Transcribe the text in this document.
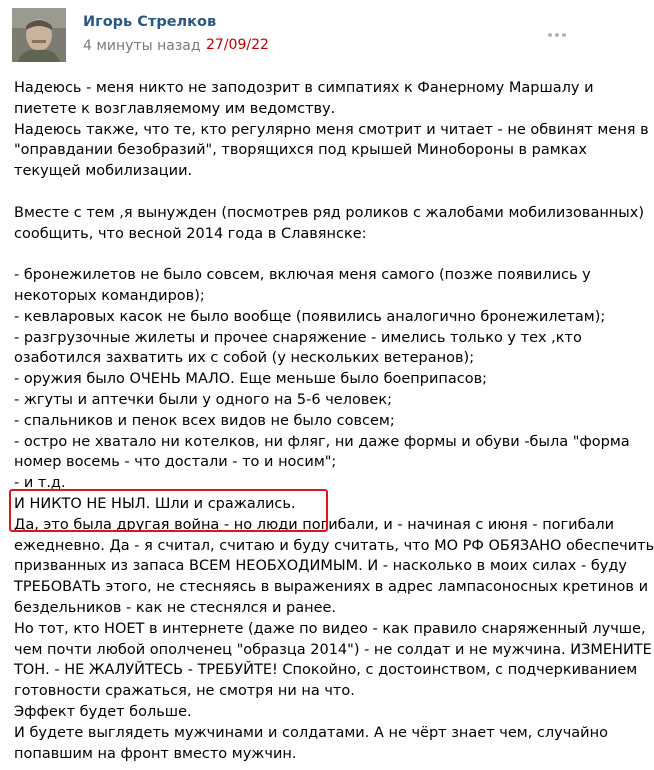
Игорь Стрелков
4 минуты назад 27/09/22
Надеюсь - меня никто не заподозрит в симпатиях к Фанерному Маршалу и
пиетете к возглавляемому им ведомству.
Надеюсь также, что те, кто регулярно меня смотрит и читает - не обвинят меня в
"оправдании безобразий", творящихся под крышей Минобороны в рамках
текущей мобилизации.
Вместе с тем ,я вынужден (посмотрев ряд роликов с жалобами мобилизованных)
сообщить, что весной 2014 года в Славянске:
- бронежилетов не было совсем, включая меня самого (позже появились у
некоторых командиров);
- кевларовых касок не было вообще (появились аналогично бронежилетам);
- разгрузочные жилеты и прочее снаряжение - имелись только у тех ,кто
озаботился захватить их с собой (у нескольких ветеранов);
- оружия было ОЧЕНЬ МАЛО. Еще меньше было боеприпасов;
- жгуты и аптечки были у одного на 5-6 человек;
- спальников и пенок всех видов не было совсем;
- остро не хватало ни котелков, ни фляг, ни даже формы и обуви -была "форма
номер восемь - что достали - то и носим";
- и т.д.
И НИКТО НЕ НЫЛ. Шли и сражались.
Да, это была другая война - но люди погибали, и - начиная с июня - погибали
ежедневно. Да - я считал, считаю и буду считать, что МО РФ ОБЯЗАНО обеспечить
призванных из запаса ВСЕМ НЕОБХОДИМЫМ. И - насколько в моих силах - буду
ТРЕБОВАТЬ этого, не стесняясь в выражениях в адрес лампасоносных кретинов и
бездельников - как не стеснялся и ранее.
Но тот, кто НОЕТ в интернете (даже по видео - как правило снаряженный лучше,
чем почти любой ополченец "образца 2014") - не солдат и не мужчина. ИЗМЕНИТЕ
ТОН. - НЕ ЖАЛУЙТЕСЬ - ТРЕБУЙТЕ! Спокойно, с достоинством, с подчеркиванием
готовности сражаться, не смотря ни на что.
Эффект будет больше.
И будете выглядеть мужчинами и солдатами. А не чёрт знает чем, случайно
попавшим на фронт вместо мужчин.
